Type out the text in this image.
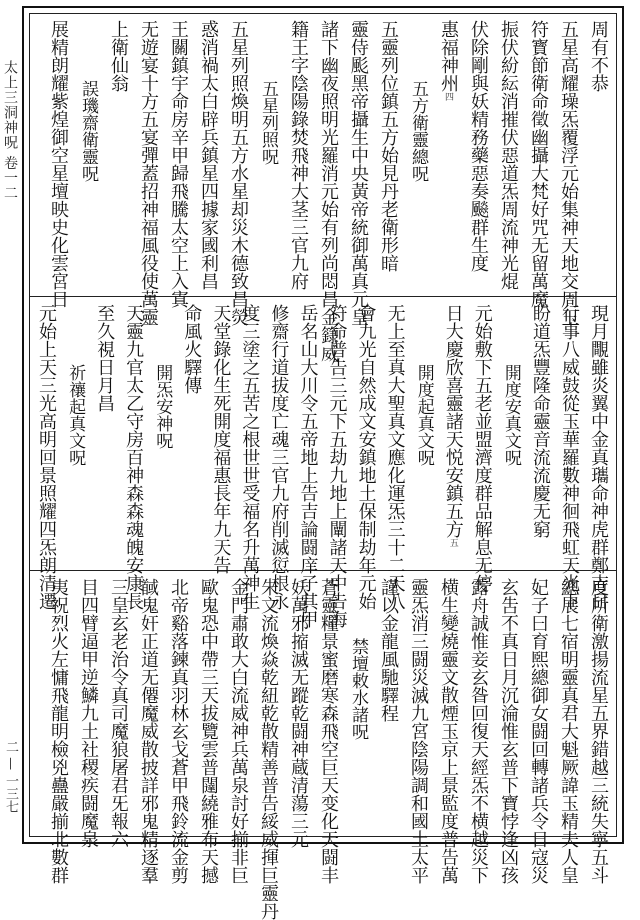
太上三洞神呪 卷一二
二 — 一三七
周有不恭
五星高耀璪炁覆浮元始集神天地交周玉
符寳節衛命徵幽攝大梵好咒无留萬魔
振伏紛紜消摧伏惡道炁周流神光焜
伏除剛與妖精務藥惡奏飈群生度
惠福神州四
五方衛靈總呪
五靈列位鎮五方始見丹老衛形暗
靈侍颩黑帝攝生中央黃帝統御萬真元皇
諸下幽夜照明光羅消元始有列尚悶昌金籙威
籍王字陰陽錄焚飛神大茎三官九府
五星列照呪
五星列照煥明五方水星却災木德致昌熒
惑消禍太白辟兵鎮星四據家國利昌
王關鎮宇命房辛甲歸飛騰太空上入寘
无遊宴十方五宴彈蓋招神福風役使萬靈
上衛仙翁
誤璣齋衛靈呪
展精朗耀紫煌御空星壇映史化雲宮日
現月覸雖炎翼中金真瓗命神虎群鄭吉日
行事八威鼓從玉華羅數神徊飛虹天光下
盼道炁豐隆命靈音流流慶无窮
開度安真文呪
元始敷下五老並盟濟度群品解息无停
日大慶欣喜靈諸天悦安鎮五方五
開度起真文呪
无上至真大聖真文應化運炁三十二天八
會九光自然成文安鎮地土保制劫年元始
符命普告三元下五劫九地上闡諸天中告海
岳名山大川令五帝地上告吉論闘庠子其甲
修齋行道拔度亡魂三官九府削滅愆根永
度三塗之五苦之根世世受福名升萬神生
天堂錄化生死開度福惠長年九天告
命風火驛傳
開炁安神呪
天靈九官太乙守房百神森森魂魄安康長
至久視日月昌
祈禳起真文呪
元始上天三光高明回景照耀四炁朗清遷
度所衛激揚流星五界錯越三統失寧五斗
總展七宿明靈真君大魁厥諱玉精夫人皇
妃子曰育煕總御女闘回轉諸兵令日寇災
玄吿不真日月沉淪惟玄普下寶悖逢凶孩
露舟誠惟妾玄昝回復天經炁不横越災下
横生變燒靈文散煙玉京上景監度普告萬
靈炁消三闘災滅九宮陰陽調和國土太平
謹以金龍風馳驛程
禁壇敕水諸呪
蒼靈糧景蜜磨寒森飛空巨天变化天闘丰
妖萬邪摍滅无蹤乾闘神蔵清蕩三元
朱文流煥焱乾紐乾散精善普告綏威揮巨靈丹
金門肅敢大白流威神兵萬泉討好揃非巨
歐鬼恐中帶三天拔覽雲普闥繞雅布天撼
北帝谿落鍊真羽林玄戈蒼甲飛鈴流金剪
馘鬼奸正道无僊魔威散披詳邪鬼精逐羣
三皇玄老治令真司魔狼屠君旡報六
目四臂逼甲逆鱗九土社稷疾闘魔泉
夷祝烈火左慵飛龍明檢兇蠱嚴揃北數群
